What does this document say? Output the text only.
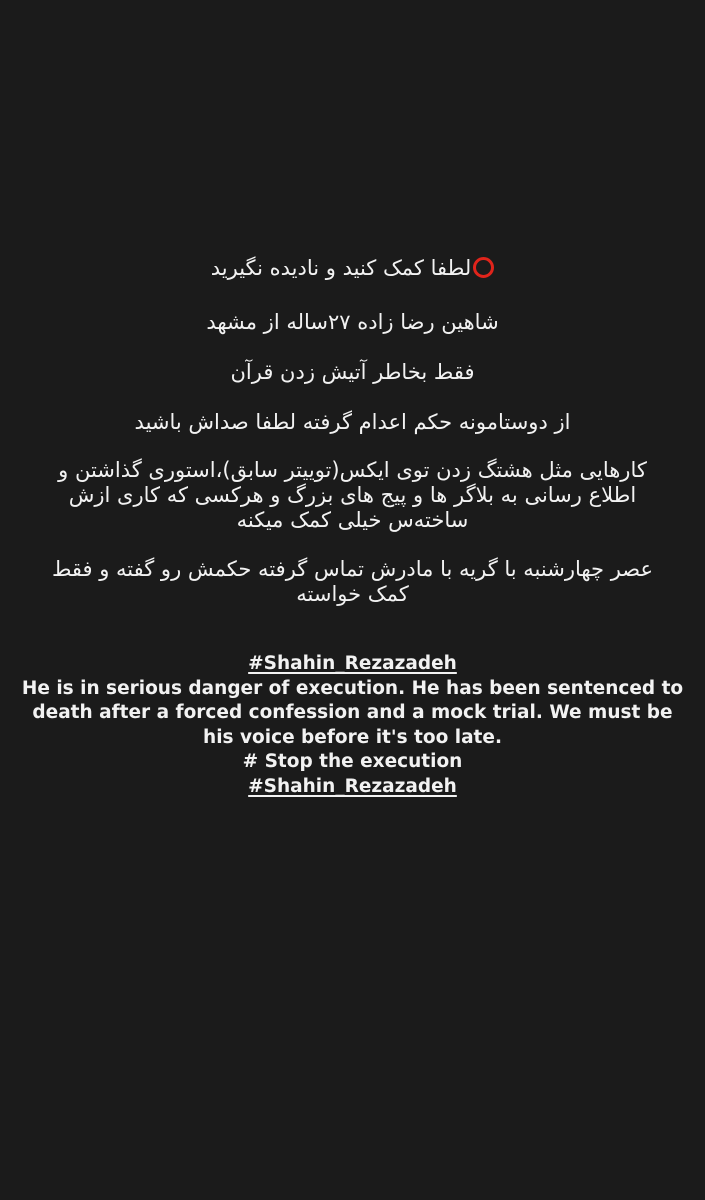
لطفا کمک کنید و نادیده نگیرید
شاهین رضا زاده ۲۷ساله از مشهد
فقط بخاطر آتیش زدن قرآن
از دوستامونه حکم اعدام گرفته لطفا صداش باشید
کارهایی مثل هشتگ زدن توی ایکس(توییتر سابق)،استوری گذاشتن و
اطلاع رسانی به بلاگر ها و پیج های بزرگ و هرکسی که کاری ازش
ساخته‌س خیلی کمک میکنه
عصر چهارشنبه با گریه با مادرش تماس گرفته حکمش رو گفته و فقط
کمک خواسته
#Shahin_Rezazadeh
He is in serious danger of execution. He has been sentenced to
death after a forced confession and a mock trial. We must be
his voice before it's too late.
# Stop the execution
#Shahin_Rezazadeh
